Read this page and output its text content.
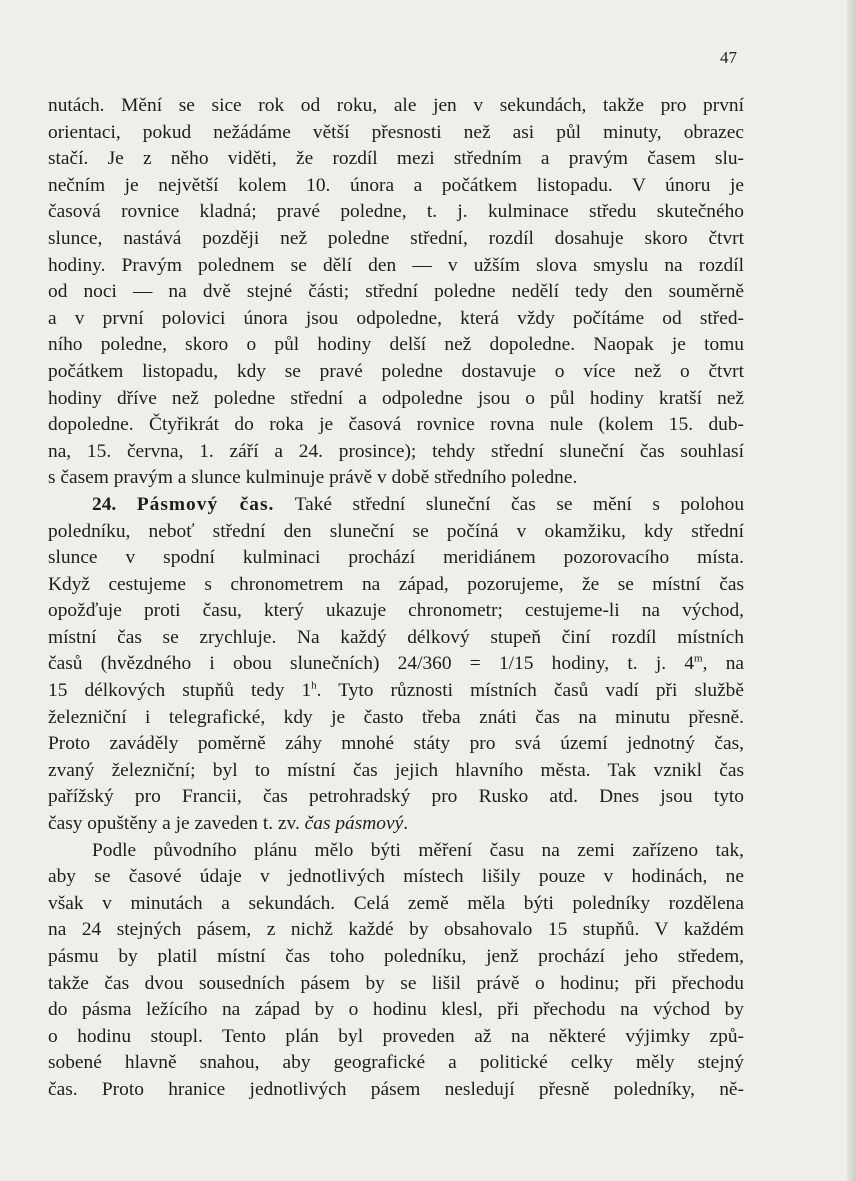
47
nutách. Mění se sice rok od roku, ale jen v sekundách, takže pro první
orientaci, pokud nežádáme větší přesnosti než asi půl minuty, obrazec
stačí. Je z něho viděti, že rozdíl mezi středním a pravým časem slu-
nečním je největší kolem 10. února a počátkem listopadu. V únoru je
časová rovnice kladná; pravé poledne, t. j. kulminace středu skutečného
slunce, nastává později než poledne střední, rozdíl dosahuje skoro čtvrt
hodiny. Pravým polednem se dělí den — v užším slova smyslu na rozdíl
od noci — na dvě stejné části; střední poledne nedělí tedy den souměrně
a v první polovici února jsou odpoledne, která vždy počítáme od střed-
ního poledne, skoro o půl hodiny delší než dopoledne. Naopak je tomu
počátkem listopadu, kdy se pravé poledne dostavuje o více než o čtvrt
hodiny dříve než poledne střední a odpoledne jsou o půl hodiny kratší než
dopoledne. Čtyřikrát do roka je časová rovnice rovna nule (kolem 15. dub-
na, 15. června, 1. září a 24. prosince); tehdy střední sluneční čas souhlasí
s časem pravým a slunce kulminuje právě v době středního poledne.
24. Pásmový čas. Také střední sluneční čas se mění s polohou
poledníku, neboť střední den sluneční se počíná v okamžiku, kdy střední
slunce v spodní kulminaci prochází meridiánem pozorovacího místa.
Když cestujeme s chronometrem na západ, pozorujeme, že se místní čas
opožďuje proti času, který ukazuje chronometr; cestujeme-li na východ,
místní čas se zrychluje. Na každý délkový stupeň činí rozdíl místních
časů (hvězdného i obou slunečních) 24/360 = 1/15 hodiny, t. j. 4$^m$, na
15 délkových stupňů tedy 1$^h$. Tyto různosti místních časů vadí při službě
železniční i telegrafické, kdy je často třeba znáti čas na minutu přesně.
Proto zaváděly poměrně záhy mnohé státy pro svá území jednotný čas,
zvaný železniční; byl to místní čas jejich hlavního města. Tak vznikl čas
pařížský pro Francii, čas petrohradský pro Rusko atd. Dnes jsou tyto
časy opuštěny a je zaveden t. zv. čas pásmový.
Podle původního plánu mělo býti měření času na zemi zařízeno tak,
aby se časové údaje v jednotlivých místech lišily pouze v hodinách, ne
však v minutách a sekundách. Celá země měla býti poledníky rozdělena
na 24 stejných pásem, z nichž každé by obsahovalo 15 stupňů. V každém
pásmu by platil místní čas toho poledníku, jenž prochází jeho středem,
takže čas dvou sousedních pásem by se lišil právě o hodinu; při přechodu
do pásma ležícího na západ by o hodinu klesl, při přechodu na východ by
o hodinu stoupl. Tento plán byl proveden až na některé výjimky způ-
sobené hlavně snahou, aby geografické a politické celky měly stejný
čas. Proto hranice jednotlivých pásem nesledují přesně poledníky, ně-
